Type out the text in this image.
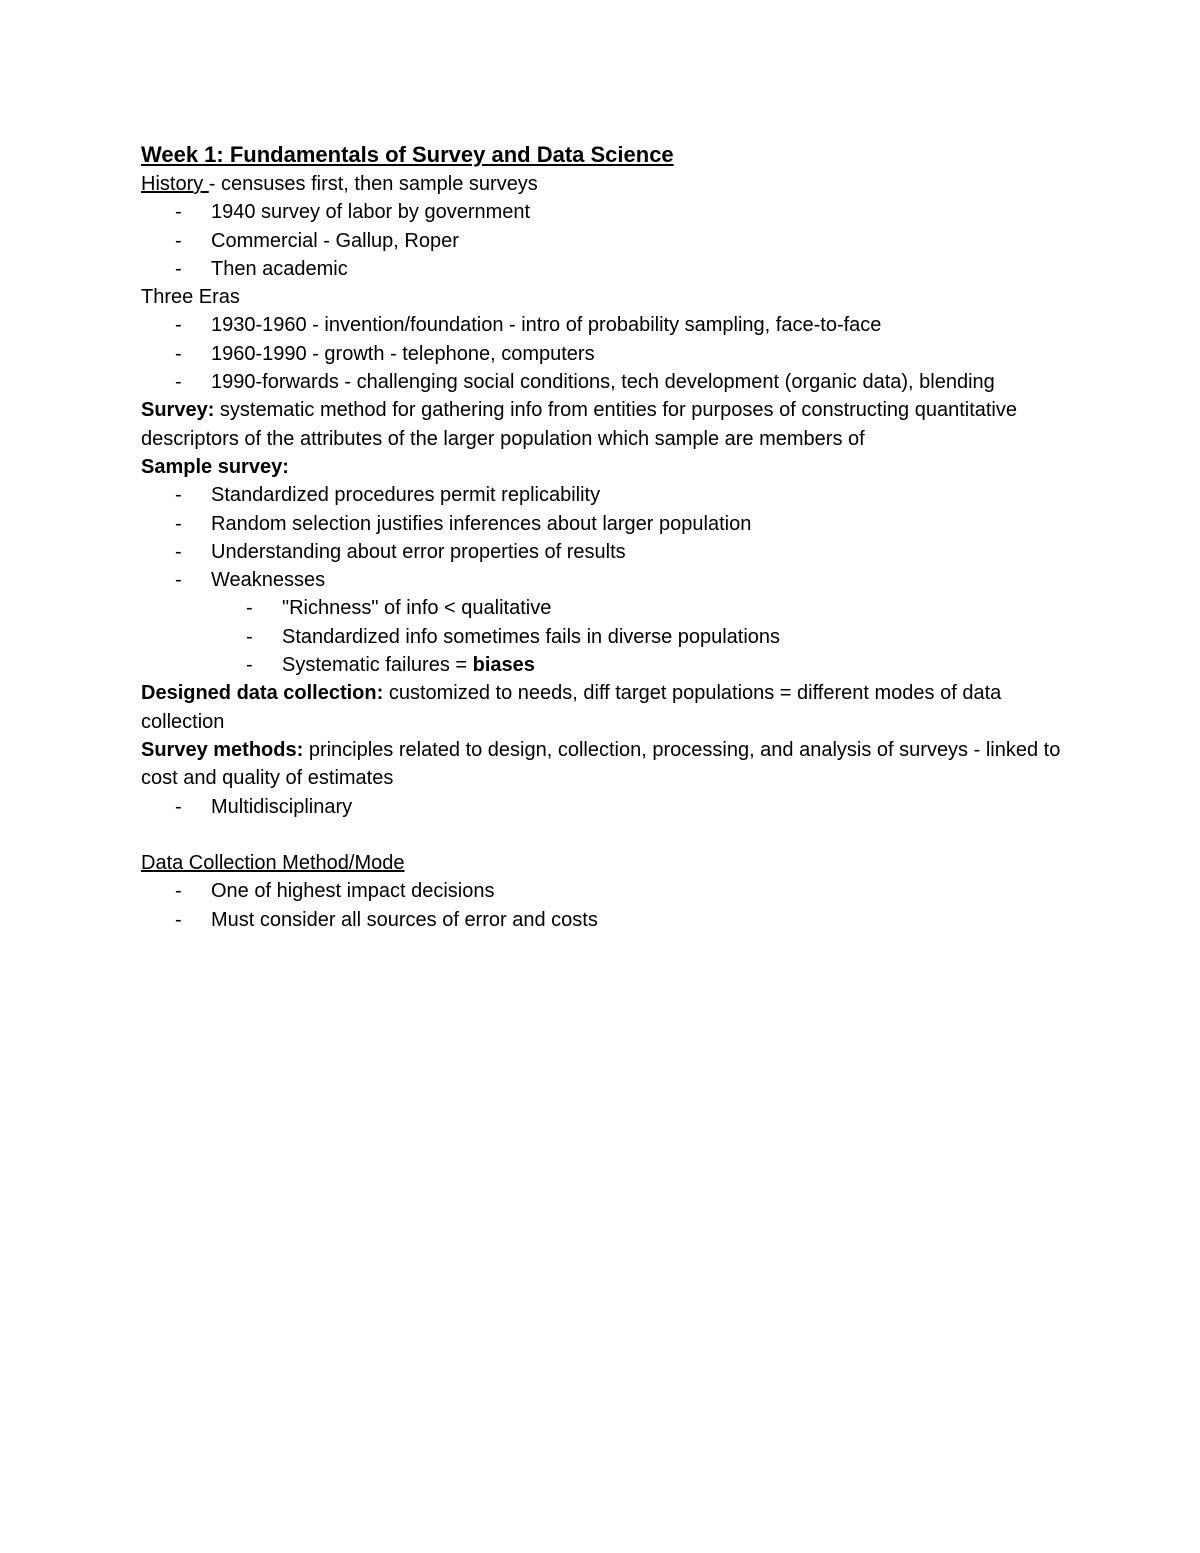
Week 1: Fundamentals of Survey and Data Science

History - censuses first, then sample surveys

- 1940 survey of labor by government
- Commercial - Gallup, Roper
- Then academic

Three Eras

- 1930-1960 - invention/foundation - intro of probability sampling, face-to-face
- 1960-1990 - growth - telephone, computers
- 1990-forwards - challenging social conditions, tech development (organic data), blending

Survey: systematic method for gathering info from entities for purposes of constructing quantitative descriptors of the attributes of the larger population which sample are members of

Sample survey:

- Standardized procedures permit replicability
- Random selection justifies inferences about larger population
- Understanding about error properties of results
- Weaknesses
- "Richness" of info < qualitative
- Standardized info sometimes fails in diverse populations
- Systematic failures = biases

Designed data collection: customized to needs, diff target populations = different modes of data collection

Survey methods: principles related to design, collection, processing, and analysis of surveys - linked to cost and quality of estimates

- Multidisciplinary

Data Collection Method/Mode

- One of highest impact decisions
- Must consider all sources of error and costs
